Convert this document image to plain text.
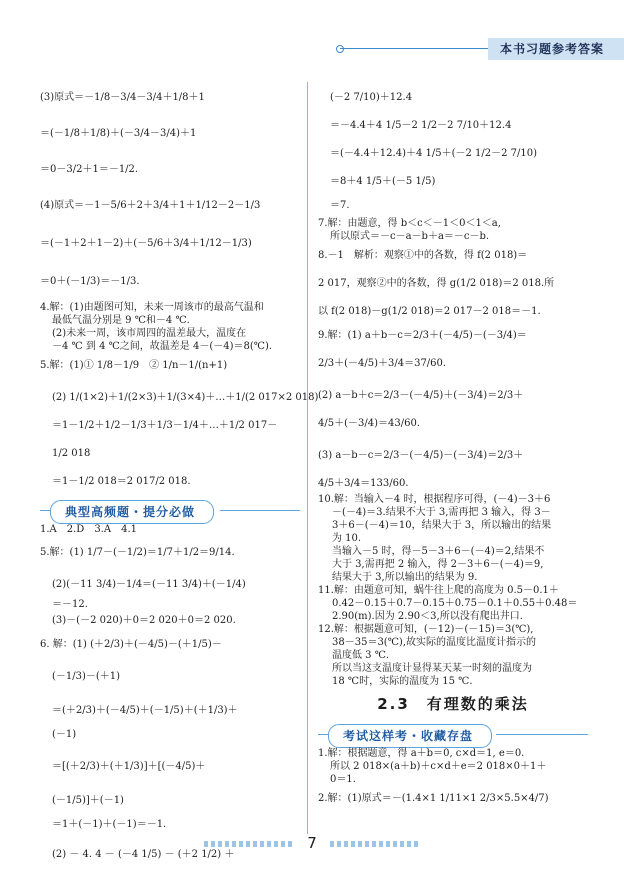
本书习题参考答案
(3)原式＝－1/8－3/4－3/4＋1/8＋1
＝(－1/8＋1/8)＋(－3/4－3/4)＋1
＝0－3/2＋1＝－1/2.
(4)原式＝－1－5/6＋2＋3/4＋1＋1/12－2－1/3
＝(－1＋2＋1－2)＋(－5/6＋3/4＋1/12－1/3)
＝0＋(－1/3)＝－1/3.
4.解：(1)由题图可知，未来一周该市的最高气温和
最低气温分别是 9 ℃和－4 ℃.
(2)未来一周，该市周四的温差最大，温度在
－4 ℃ 到 4 ℃之间，故温差是 4－(－4)＝8(℃).
5.解：(1)① 1/8－1/9　② 1/n－1/(n+1)
(2) 1/(1×2)＋1/(2×3)＋1/(3×4)＋…＋1/(2 017×2 018)
＝1－1/2＋1/2－1/3＋1/3－1/4＋…＋1/2 017－
1/2 018
＝1－1/2 018＝2 017/2 018.
典型高频题・提分必做
1.A　2.D　3.A　4.1
5.解：(1) 1/7－(－1/2)＝1/7＋1/2＝9/14.
(2)(－11 3/4)－1/4＝(－11 3/4)＋(－1/4)
＝－12.
(3)－(－2 020)＋0＝2 020＋0＝2 020.
6. 解：(1) (＋2/3)＋(－4/5)－(＋1/5)－
(－1/3)－(＋1)
＝(＋2/3)＋(－4/5)＋(－1/5)＋(＋1/3)＋
(－1)
＝[(＋2/3)＋(＋1/3)]＋[(－4/5)＋
(－1/5)]＋(－1)
＝1＋(－1)＋(－1)＝－1.
(2) － 4. 4 － (－4 1/5) － (＋2 1/2) ＋
(－2 7/10)＋12.4
＝－4.4＋4 1/5－2 1/2－2 7/10＋12.4
＝(－4.4＋12.4)＋4 1/5＋(－2 1/2－2 7/10)
＝8＋4 1/5＋(－5 1/5)
＝7.
7.解：由题意，得 b＜c＜－1＜0＜1＜a,
所以原式＝－c－a－b＋a＝－c－b.
8.－1　解析：观察①中的各数，得 f(2 018)＝
2 017，观察②中的各数，得 g(1/2 018)＝2 018.所
以 f(2 018)－g(1/2 018)＝2 017－2 018＝－1.
9.解：(1) a＋b－c＝2/3＋(－4/5)－(－3/4)＝
2/3＋(－4/5)＋3/4＝37/60.
(2) a－b＋c＝2/3－(－4/5)＋(－3/4)＝2/3＋
4/5＋(－3/4)＝43/60.
(3) a－b－c＝2/3－(－4/5)－(－3/4)＝2/3＋
4/5＋3/4＝133/60.
10.解：当输入－4 时，根据程序可得，(－4)－3＋6
－(－4)＝3.结果不大于 3,需再把 3 输入，得 3－
3＋6－(－4)＝10，结果大于 3，所以输出的结果
为 10.
当输入－5 时，得－5－3＋6－(－4)＝2,结果不
大于 3,需再把 2 输入，得 2－3＋6－(－4)＝9,
结果大于 3,所以输出的结果为 9.
11.解：由题意可知，蜗牛往上爬的高度为 0.5－0.1＋
0.42－0.15＋0.7－0.15＋0.75－0.1＋0.55＋0.48＝
2.90(m).因为 2.90＜3,所以没有爬出井口.
12.解：根据题意可知，(－12)－(－15)＝3(℃),
38－35＝3(℃),故实际的温度比温度计指示的
温度低 3 ℃.
所以当这支温度计显得某天某一时刻的温度为
18 ℃时，实际的温度为 15 ℃.
2.3　有理数的乘法
考试这样考・收藏存盘
1.解：根据题意，得 a＋b＝0, c×d＝1, e＝0.
所以 2 018×(a＋b)＋c×d＋e＝2 018×0＋1＋
0＝1.
2.解：(1)原式＝－(1.4×1 1/11×1 2/3×5.5×4/7)
7
